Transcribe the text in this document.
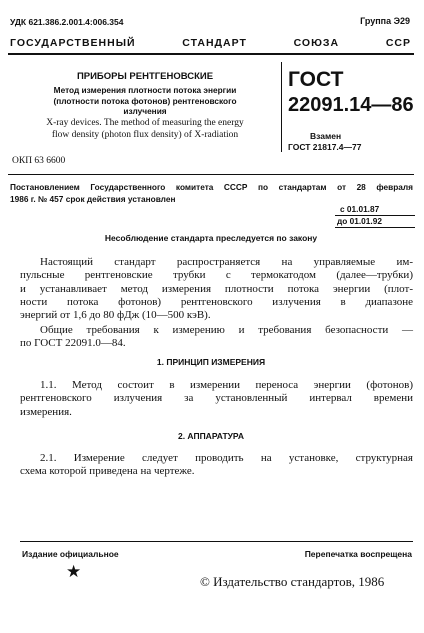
УДК 621.386.2.001.4:006.354	Группа Э29
ГОСУДАРСТВЕННЫЙ СТАНДАРТ СОЮЗА ССР
ПРИБОРЫ РЕНТГЕНОВСКИЕ
Метод измерения плотности потока энергии
(плотности потока фотонов) рентгеновского
излучения
X-ray devices. The method of measuring the energy
flow density (photon flux density) of X-radiation
ГОСТ
22091.14—86
Взамен
ГОСТ 21817.4—77
ОКП 63 6600
Постановлением Государственного комитета СССР по стандартам от 28 февраля
1986 г. № 457 срок действия установлен
с 01.01.87
до 01.01.92
Несоблюдение стандарта преследуется по закону
Настоящий стандарт распространяется на управляемые им-
пульсные рентгеновские трубки с термокатодом (далее—трубки)
и устанавливает метод измерения плотности потока энергии (плот-
ности потока фотонов) рентгеновского излучения в диапазоне
энергий от 1,6 до 80 фДж (10—500 кэВ).
Общие требования к измерению и требования безопасности —
по ГОСТ 22091.0—84.
1. ПРИНЦИП ИЗМЕРЕНИЯ
1.1. Метод состоит в измерении переноса энергии (фотонов)
рентгеновского излучения за установленный интервал времени
измерения.
2. АППАРАТУРА
2.1. Измерение следует проводить на установке, структурная
схема которой приведена на чертеже.
Издание официальное	Перепечатка воспрещена
★
© Издательство стандартов, 1986
